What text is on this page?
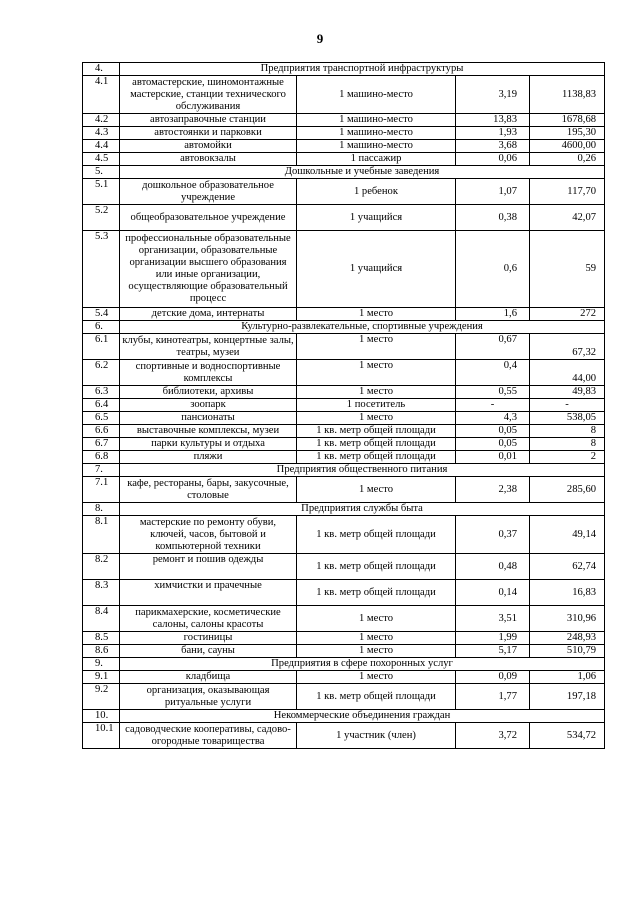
9
4.	Предприятия транспортной инфраструктуры			
4.1	автомастерские, шиномонтажные мастерские, станции технического обслуживания	1 машино-место	3,19	1138,83
4.2	автозаправочные станции	1 машино-место	13,83	1678,68
4.3	автостоянки и парковки	1 машино-место	1,93	195,30
4.4	автомойки	1 машино-место	3,68	4600,00
4.5	автовокзалы	1 пассажир	0,06	0,26
5.	Дошкольные и учебные заведения			
5.1	дошкольное образовательное учреждение	1 ребенок	1,07	117,70
5.2	общеобразовательное учреждение	1 учащийся	0,38	42,07
5.3	профессиональные образовательные организации, образовательные организации высшего образования или иные организации, осуществляющие образовательный процесс	1 учащийся	0,6	59
5.4	детские дома, интернаты	1 место	1,6	272
6.	Культурно-развлекательные, спортивные учреждения			
6.1	клубы, кинотеатры, концертные залы, театры, музеи	1 место	0,67	67,32
6.2	спортивные и водноспортивные комплексы	1 место	0,4	44,00
6.3	библиотеки, архивы	1 место	0,55	49,83
6.4	зоопарк	1 посетитель	-	-
6.5	пансионаты	1 место	4,3	538,05
6.6	выставочные комплексы, музеи	1 кв. метр общей площади	0,05	8
6.7	парки культуры и отдыха	1 кв. метр общей площади	0,05	8
6.8	пляжи	1 кв. метр общей площади	0,01	2
7.	Предприятия общественного питания			
7.1	кафе, рестораны, бары, закусочные, столовые	1 место	2,38	285,60
8.	Предприятия службы быта			
8.1	мастерские по ремонту обуви, ключей, часов, бытовой и компьютерной техники	1 кв. метр общей площади	0,37	49,14
8.2	ремонт и пошив одежды	1 кв. метр общей площади	0,48	62,74
8.3	химчистки и прачечные	1 кв. метр общей площади	0,14	16,83
8.4	парикмахерские, косметические салоны, салоны красоты	1 место	3,51	310,96
8.5	гостиницы	1 место	1,99	248,93
8.6	бани, сауны	1 место	5,17	510,79
9.	Предприятия в сфере похоронных услуг			
9.1	кладбища	1 место	0,09	1,06
9.2	организация, оказывающая ритуальные услуги	1 кв. метр общей площади	1,77	197,18
10.	Некоммерческие объединения граждан			
10.1	садоводческие кооперативы, садово-огородные товарищества	1 участник (член)	3,72	534,72
